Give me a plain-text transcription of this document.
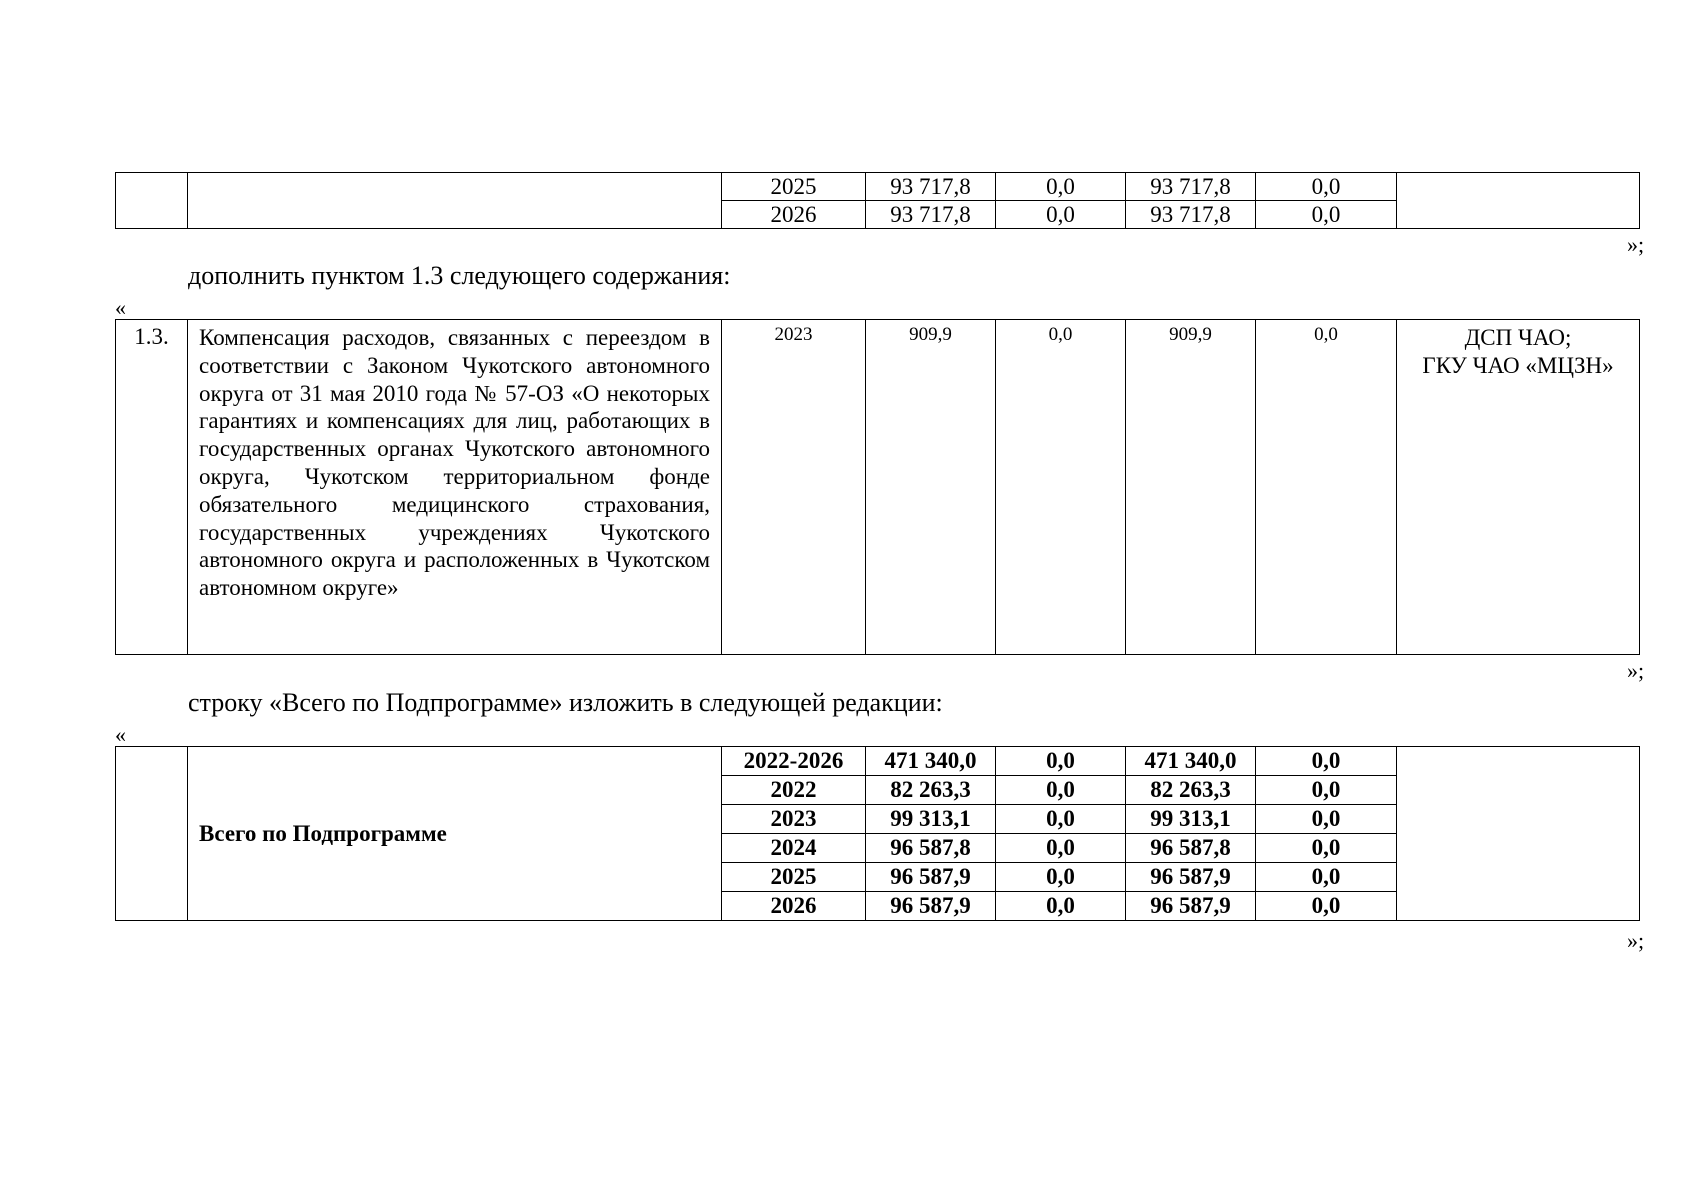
		2025	93 717,8	0,0	93 717,8	0,0	
		2026	93 717,8	0,0	93 717,8	0,0	
»;
дополнить пунктом 1.3 следующего содержания:
«
1.3.	Компенсация расходов, связанных с переездом в соответствии с Законом Чукотского автономного округа от 31 мая 2010 года № 57-ОЗ «О некоторых гарантиях и компенсациях для лиц, работающих в государственных органах Чукотского автономного округа, Чукотском территориальном фонде обязательного медицинского страхования, государственных учреждениях Чукотского автономного округа и расположенных в Чукотском автономном округе»	2023	909,9	0,0	909,9	0,0	ДСП ЧАО;
ГКУ ЧАО «МЦЗН»
»;
строку «Всего по Подпрограмме» изложить в следующей редакции:
«
	Всего по Подпрограмме	2022-2026	471 340,0	0,0	471 340,0	0,0	
		2022	82 263,3	0,0	82 263,3	0,0	
		2023	99 313,1	0,0	99 313,1	0,0	
		2024	96 587,8	0,0	96 587,8	0,0	
		2025	96 587,9	0,0	96 587,9	0,0	
		2026	96 587,9	0,0	96 587,9	0,0	
»;
